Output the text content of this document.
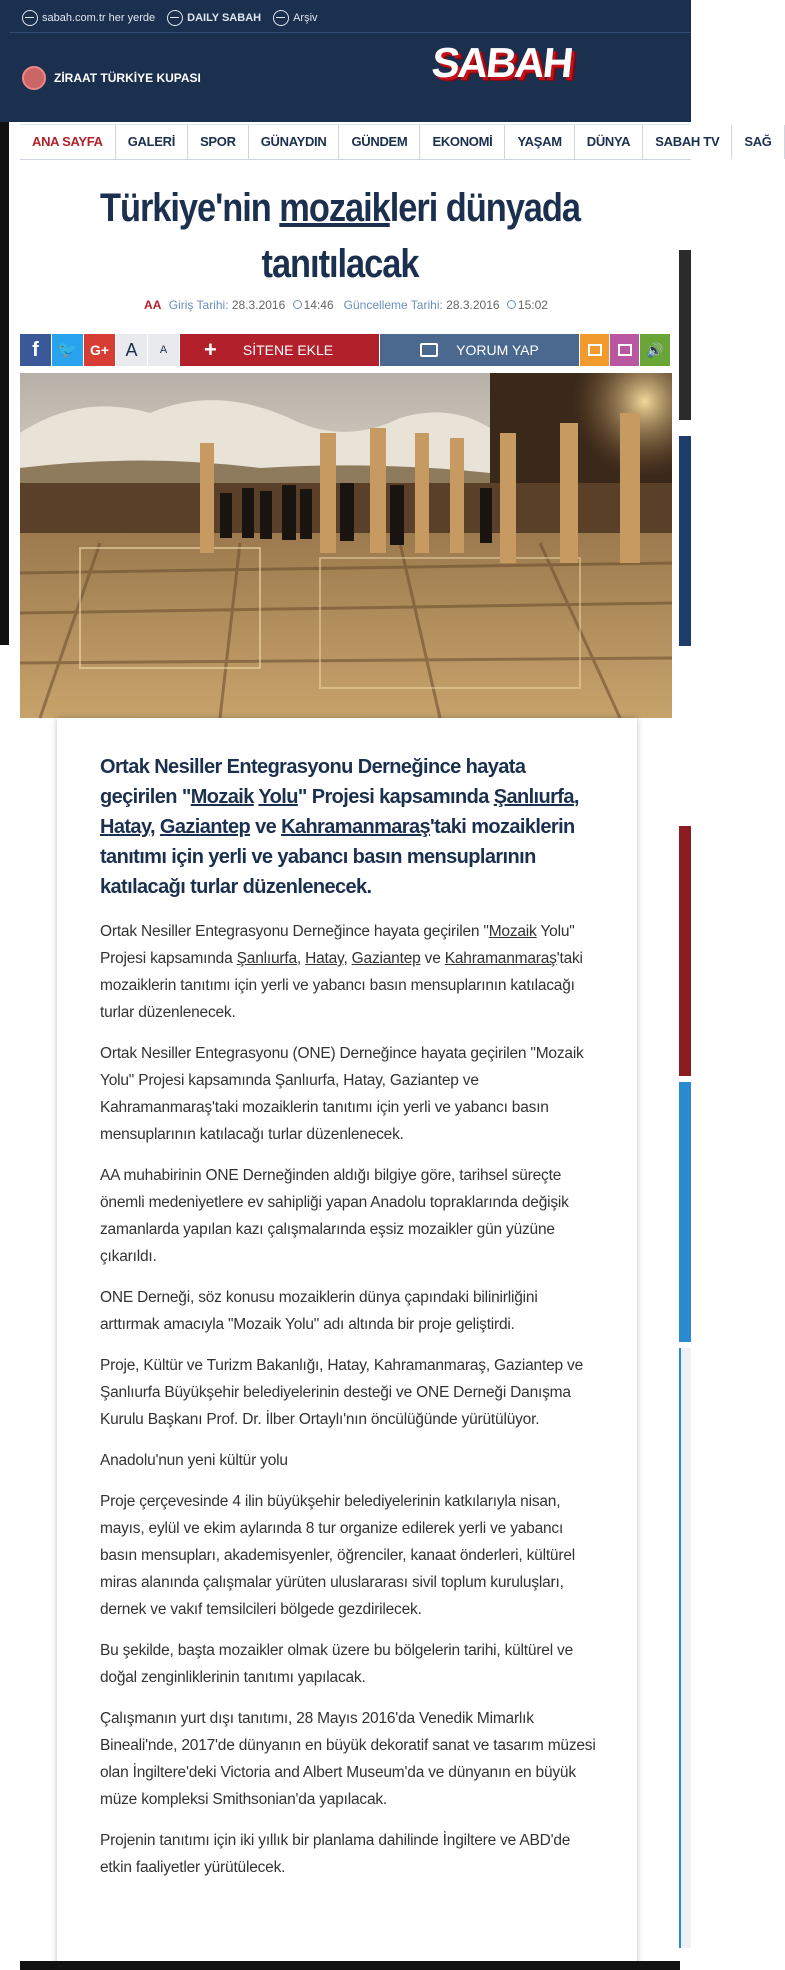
sabah.com.tr her yerde	DAILY SABAH	Arşiv
ZİRAAT TÜRKİYE KUPASI	SABAH
ANA SAYFA	GALERİ	SPOR	GÜNAYDIN	GÜNDEM	EKONOMİ	YAŞAM	DÜNYA	SABAH TV	SAĞ
Türkiye'nin mozaikleri dünyada tanıtılacak
AA Giriş Tarihi: 28.3.2016 14:46 Güncelleme Tarihi: 28.3.2016 15:02
f 🐦 G+ A	A	+ SİTENE EKLE	YORUM YAP	🔊
Ortak Nesiller Entegrasyonu Derneğince hayata geçirilen "Mozaik Yolu" Projesi kapsamında Şanlıurfa, Hatay, Gaziantep ve Kahramanmaraş'taki mozaiklerin tanıtımı için yerli ve yabancı basın mensuplarının katılacağı turlar düzenlenecek.

Ortak Nesiller Entegrasyonu Derneğince hayata geçirilen "Mozaik Yolu" Projesi kapsamında Şanlıurfa, Hatay, Gaziantep ve Kahramanmaraş'taki mozaiklerin tanıtımı için yerli ve yabancı basın mensuplarının katılacağı turlar düzenlenecek.

Ortak Nesiller Entegrasyonu (ONE) Derneğince hayata geçirilen "Mozaik Yolu" Projesi kapsamında Şanlıurfa, Hatay, Gaziantep ve Kahramanmaraş'taki mozaiklerin tanıtımı için yerli ve yabancı basın mensuplarının katılacağı turlar düzenlenecek.

AA muhabirinin ONE Derneğinden aldığı bilgiye göre, tarihsel süreçte önemli medeniyetlere ev sahipliği yapan Anadolu topraklarında değişik zamanlarda yapılan kazı çalışmalarında eşsiz mozaikler gün yüzüne çıkarıldı.

ONE Derneği, söz konusu mozaiklerin dünya çapındaki bilinirliğini arttırmak amacıyla "Mozaik Yolu" adı altında bir proje geliştirdi.

Proje, Kültür ve Turizm Bakanlığı, Hatay, Kahramanmaraş, Gaziantep ve Şanlıurfa Büyükşehir belediyelerinin desteği ve ONE Derneği Danışma Kurulu Başkanı Prof. Dr. İlber Ortaylı'nın öncülüğünde yürütülüyor.

Anadolu'nun yeni kültür yolu

Proje çerçevesinde 4 ilin büyükşehir belediyelerinin katkılarıyla nisan, mayıs, eylül ve ekim aylarında 8 tur organize edilerek yerli ve yabancı basın mensupları, akademisyenler, öğrenciler, kanaat önderleri, kültürel miras alanında çalışmalar yürüten uluslararası sivil toplum kuruluşları, dernek ve vakıf temsilcileri bölgede gezdirilecek.

Bu şekilde, başta mozaikler olmak üzere bu bölgelerin tarihi, kültürel ve doğal zenginliklerinin tanıtımı yapılacak.

Çalışmanın yurt dışı tanıtımı, 28 Mayıs 2016'da Venedik Mimarlık Bineali'nde, 2017'de dünyanın en büyük dekoratif sanat ve tasarım müzesi olan İngiltere'deki Victoria and Albert Museum'da ve dünyanın en büyük müze kompleksi Smithsonian'da yapılacak.

Projenin tanıtımı için iki yıllık bir planlama dahilinde İngiltere ve ABD'de etkin faaliyetler yürütülecek.
